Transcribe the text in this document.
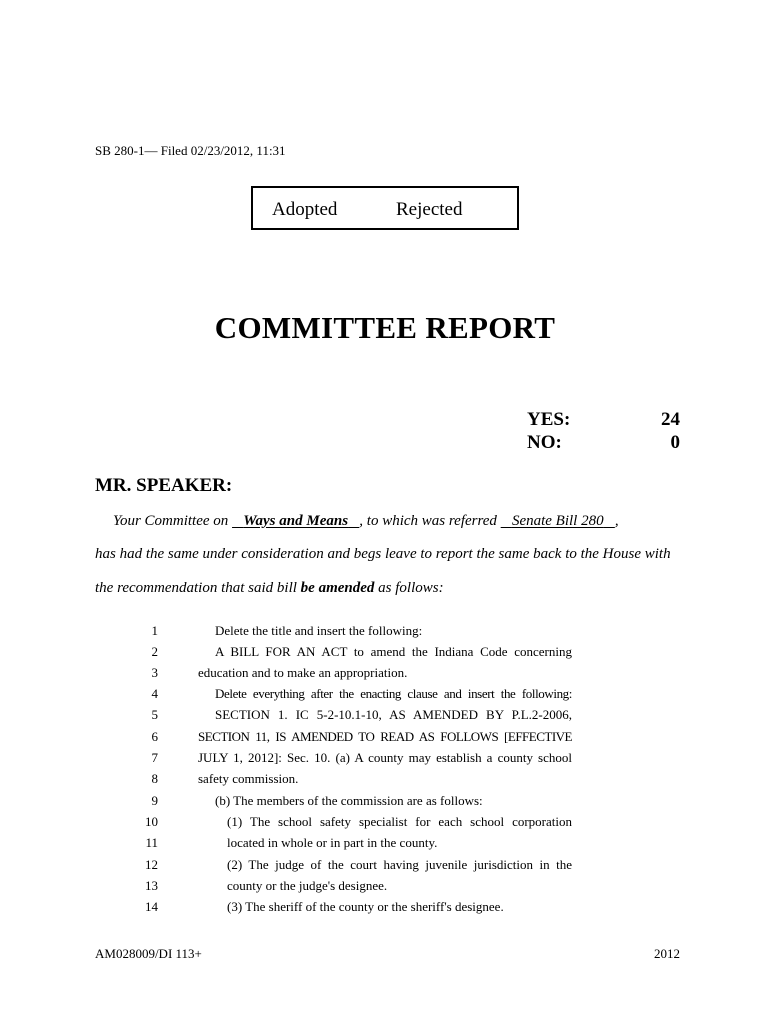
SB 280-1— Filed 02/23/2012, 11:31
Adopted	Rejected
COMMITTEE REPORT
YES:	24
NO:	0
MR. SPEAKER:
Your Committee on    Ways and Means , to which was referred    Senate Bill 280 ,
has had the same under consideration and begs leave to report the same back to the House with
the recommendation that said bill be amended as follows:
1	Delete the title and insert the following:
2	A BILL FOR AN ACT to amend the Indiana Code concerning
3	education and to make an appropriation.
4	Delete everything after the enacting clause and insert the following:
5	SECTION 1. IC 5-2-10.1-10, AS AMENDED BY P.L.2-2006,
6	SECTION 11, IS AMENDED TO READ AS FOLLOWS [EFFECTIVE
7	JULY 1, 2012]: Sec. 10. (a) A county may establish a county school
8	safety commission.
9	(b) The members of the commission are as follows:
10	(1) The school safety specialist for each school corporation
11	located in whole or in part in the county.
12	(2) The judge of the court having juvenile jurisdiction in the
13	county or the judge's designee.
14	(3) The sheriff of the county or the sheriff's designee.
AM028009/DI 113+	2012
